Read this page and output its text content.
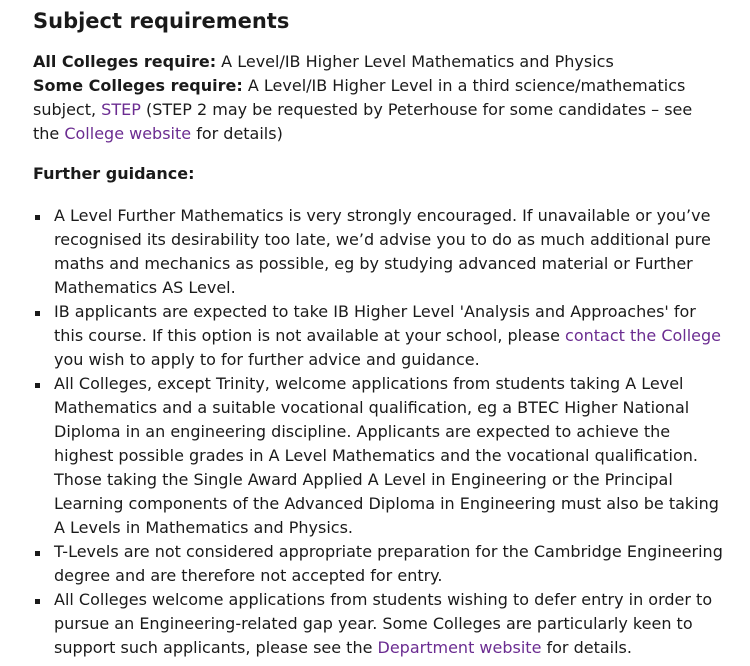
Subject requirements

All Colleges require: A Level/IB Higher Level Mathematics and Physics
Some Colleges require: A Level/IB Higher Level in a third science/mathematics subject, STEP (STEP 2 may be requested by Peterhouse for some candidates – see the College website for details)

Further guidance:

A Level Further Mathematics is very strongly encouraged. If unavailable or you’ve recognised its desirability too late, we’d advise you to do as much additional pure maths and mechanics as possible, eg by studying advanced material or Further Mathematics AS Level.
IB applicants are expected to take IB Higher Level 'Analysis and Approaches' for this course. If this option is not available at your school, please contact the College you wish to apply to for further advice and guidance.
All Colleges, except Trinity, welcome applications from students taking A Level Mathematics and a suitable vocational qualification, eg a BTEC Higher National Diploma in an engineering discipline. Applicants are expected to achieve the highest possible grades in A Level Mathematics and the vocational qualification. Those taking the Single Award Applied A Level in Engineering or the Principal Learning components of the Advanced Diploma in Engineering must also be taking A Levels in Mathematics and Physics.
T-Levels are not considered appropriate preparation for the Cambridge Engineering degree and are therefore not accepted for entry.
All Colleges welcome applications from students wishing to defer entry in order to pursue an Engineering-related gap year. Some Colleges are particularly keen to support such applicants, please see the Department website for details.
